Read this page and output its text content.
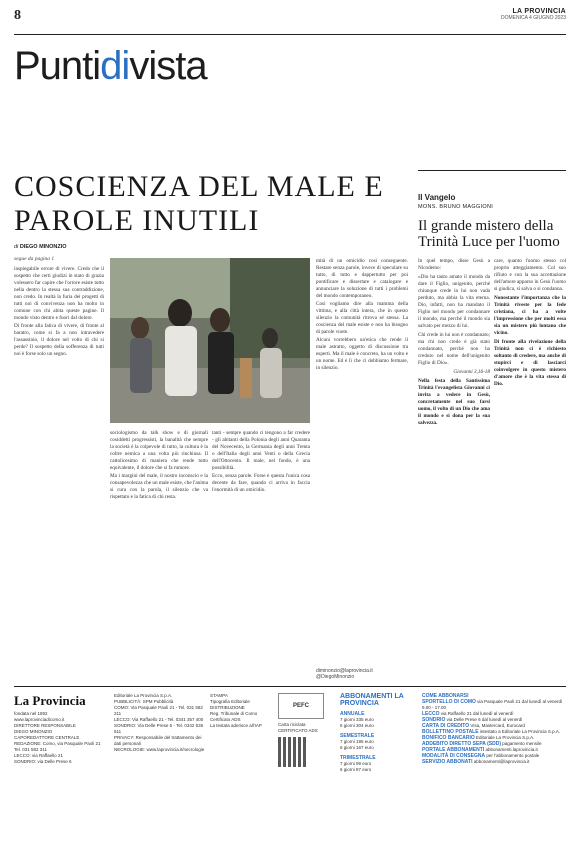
8	LA PROVINCIA
DOMENICA 4 GIUGNO 2023
Puntidivista
COSCIENZA DEL MALE E PAROLE INUTILI
di DIEGO MINONZIO
segue da pagina 1

inspiegabile orrore di vivere. Credo che il sospetto che certi giudizi in stato di grazia volessero far capire che l'orrore esiste tutto nella dentro la stessa sua contraddizione, non credo. In realtà la furia dei progetti di tutti noi di convivenza non ha molto in comune con chi abita queste pagine. Il mondo visto dentro e fuori dal dolore.

Di fronte alla fatica di vivere, di fronte al baratro, come si fa a non intravedere l'assassinio, il dolore nel volto di chi si perde? Il sospetto della sofferenza di tutti noi è forse solo un segno.

sociologismo da talk show e di giornali cosiddetti progressisti, la banalità che sempre la società è la colpevole di tutto, la cultura è la coltre nemica a una volta più rinchiusa. Il cattolicesimo di maniera che rende tutto equivalente, il dolore che si fa rumore.

Ma i margini del male, il nostro inconscio e la consapevolezza che un male esiste, che l'anima si cura con la parola, il silenzio che va rispettato e la fatica di chi resta.

tanti - sempre quando ci tengono a far credere - gli abitanti della Polonia degli anni Quaranta del Novecento, la Germania degli anni Trenta o dell'Italia degli anni Venti o della Grecia dell'Ottocento. Il male, nel fondo, è una possibilità.

Ecco, senza parole. Forse è questa l'unica cosa decente da fare, quando ci arriva in faccia l'enormità di un omicidio.

mità di un omicidio così conseguente. Restare senza parole, invece di speculare su tutto, di tutto e dappertutto per poi pontificare e dissertare e catalogare e annunciare la soluzione di tutti i problemi del mondo contemporaneo.

Così vogliamo dire alla mamma della vittima, e alla città intera, che in questo silenzio la comunità ritrova sé stessa. La coscienza del male esiste e non ha bisogno di parole vuote.

Alcuni vorrebbero un'etica che rende il male astratto, oggetto di discussione tra esperti. Ma il male è concreto, ha un volto e un nome. Ed è lì che ci dobbiamo fermare, in silenzio.

diminonzio@laprovincia.it
@DiegoMinonzio
Il Vangelo
MONS. BRUNO MAGGIONI
Il grande mistero della Trinità Luce per l'uomo

In quel tempo, disse Gesù a Nicodemo:

«Dio ha tanto amato il mondo da dare il Figlio, unigenito, perché chiunque crede in lui non vada perduto, ma abbia la vita eterna. Dio, infatti, non ha mandato il Figlio nel mondo per condannare il mondo, ma perché il mondo sia salvato per mezzo di lui.

Chi crede in lui non è condannato; ma chi non crede è già stato condannato, perché non ha creduto nel nome dell'unigenito Figlio di Dio».

Giovanni 3,16-18

Nella festa della Santissima Trinità l'evangelista Giovanni ci invita a vedere in Gesù, concretamente nel suo farsi uomo, il volto di un Dio che ama il mondo e si dona per la sua salvezza.

care, quanto l'uomo stesso col proprio atteggiamento. Col suo rifiuto e con la sua accettazione dell'amore apparso in Gesù l'uomo si giudica, si salva o si condanna.

Nonostante l'importanza che la Trinità riveste per la fede cristiana, ci ha a volte l'impressione che per molti essa sia un mistero più lontano che vicino.

Di fronte alla rivelazione della Trinità non ci è richiesto soltanto di credere, ma anche di stupirci e di lasciarci coinvolgere in questo mistero d'amore che è la vita stessa di Dio.

La Provincia
fondata nel 1892
www.laprovinciadicomo.it
DIRETTORE RESPONSABILE
DIEGO MINONZIO
CAPOREDATTORE CENTRALE
REDAZIONE: Como, via Pasquale Paoli 21
Tel. 031 582 311
LECCO: via Raffaello 21
SONDRIO: via Delle Prese 6
Editoriale La Provincia S.p.A.
PUBBLICITÀ: SPM Pubblicità
COMO: Via Pasquale Paoli 21 - Tel. 031 582 211
LECCO: Via Raffaello 21 - Tel. 0341 357 400
SONDRIO: Via Delle Prese 6 - Tel. 0342 535 611
PRIVACY: Responsabile del trattamento dei dati personali
NECROLOGIE: www.laprovincia.it/necrologie
STAMPA
Tipografia Editoriale
DISTRIBUZIONE
Reg. Tribunale di Como
Certificato ADS
La testata aderisce all'IAP
PEFC
Carta riciclata
CERTIFICATO ADS
ABBONAMENTI LA PROVINCIA
ANNUALE
7 giorni 335 euro
6 giorni 304 euro
SEMESTRALE
7 giorni 195 euro
6 giorni 167 euro
TRIMESTRALE
7 giorni 99 euro
6 giorni 87 euro
COME ABBONARSI
SPORTELLO DI COMO via Pasquale Paoli 21 dal lunedì al venerdì 9.00 - 17.00
LECCO via Raffaello 21 dal lunedì al venerdì
SONDRIO via Delle Prese 6 dal lunedì al venerdì
CARTA DI CREDITO Visa, Mastercard, Eurocard
BOLLETTINO POSTALE intestato a Editoriale La Provincia S.p.A.
BONIFICO BANCARIO Editoriale La Provincia S.p.A.
ADDEBITO DIRETTO SEPA (SDD) pagamento mensile
PORTALE ABBONAMENTI abbonamenti.laprovincia.it
MODALITÀ DI CONSEGNA per l'abbonamento postale
SERVIZIO ABBONATI abbonamenti@laprovincia.it
